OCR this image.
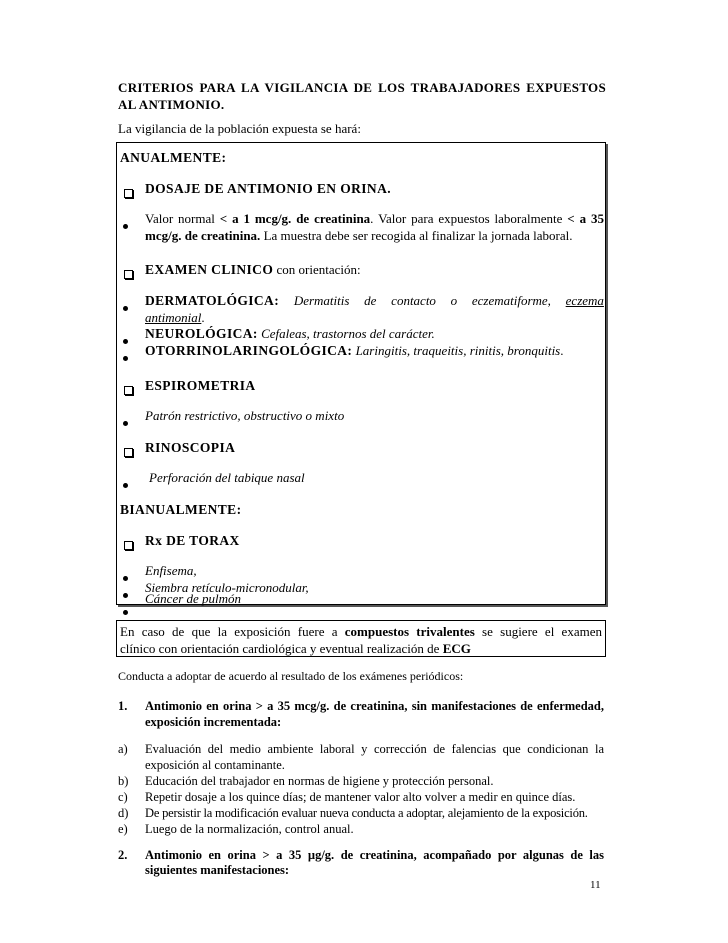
CRITERIOS PARA LA VIGILANCIA DE LOS TRABAJADORES EXPUESTOS AL ANTIMONIO.
La vigilancia de la población expuesta se hará:
ANUALMENTE:
DOSAJE DE ANTIMONIO EN ORINA.
Valor normal < a 1 mcg/g. de creatinina. Valor para expuestos laboralmente < a 35
mcg/g. de creatinina. La muestra debe ser recogida al finalizar la jornada laboral.
EXAMEN CLINICO con orientación:
DERMATOLÓGICA: Dermatitis de contacto o eczematiforme, eczema
antimonial.
NEUROLÓGICA: Cefaleas, trastornos del carácter.
OTORRINOLARINGOLÓGICA: Laringitis, traqueitis, rinitis, bronquitis.
ESPIROMETRIA
Patrón restrictivo, obstructivo o mixto
RINOSCOPIA
Perforación del tabique nasal
BIANUALMENTE:
Rx DE TORAX
Enfisema,
Siembra retículo-micronodular,
Cáncer de pulmón
En caso de que la exposición fuere a compuestos trivalentes se sugiere el examen
clínico con orientación cardiológica y eventual realización de ECG
Conducta a adoptar de acuerdo al resultado de los exámenes periódicos:
1. Antimonio en orina > a 35 mcg/g. de creatinina, sin manifestaciones de enfermedad,
exposición incrementada:
a) Evaluación del medio ambiente laboral y corrección de falencias que condicionan la
exposición al contaminante.
b) Educación del trabajador en normas de higiene y protección personal.
c) Repetir dosaje a los quince días; de mantener valor alto volver a medir en quince días.
d) De persistir la modificación evaluar nueva conducta a adoptar, alejamiento de la exposición.
e) Luego de la normalización, control anual.
2. Antimonio en orina > a 35 µg/g. de creatinina, acompañado por algunas de las
siguientes manifestaciones:
11
